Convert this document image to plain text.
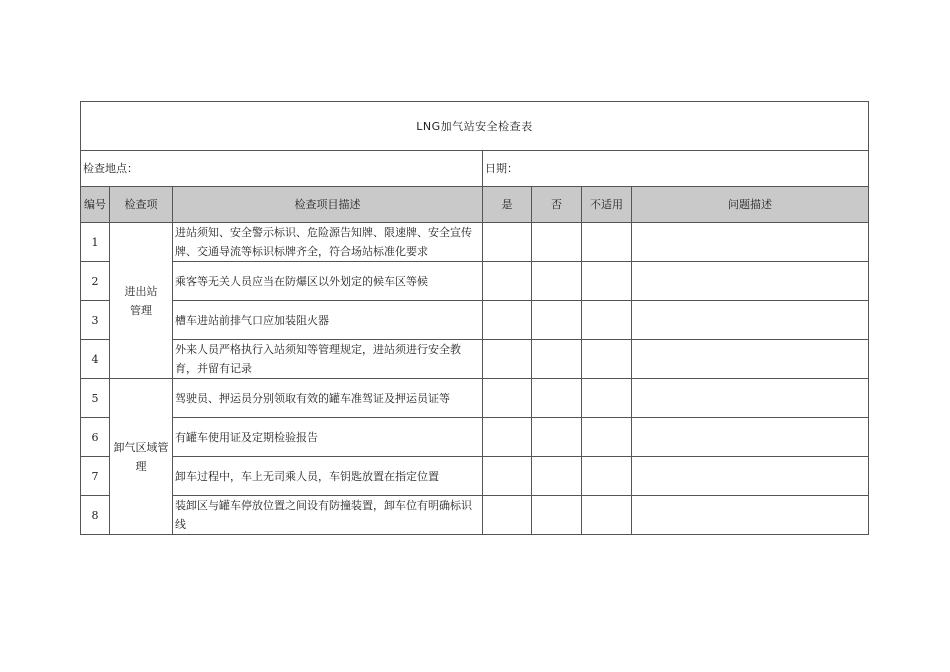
LNG加气站安全检查表						
检查地点：			日期：			
编号	检查项	检查项目描述	是	否	不适用	问题描述
1	进出站管理	进站须知、安全警示标识、危险源告知牌、限速牌、安全宣传牌、交通导流等标识标牌齐全，符合场站标准化要求				
2		乘客等无关人员应当在防爆区以外划定的候车区等候				
3		槽车进站前排气口应加装阻火器				
4		外来人员严格执行入站须知等管理规定，进站须进行安全教育，并留有记录				
5	卸气区域管理	驾驶员、押运员分别领取有效的罐车准驾证及押运员证等				
6		有罐车使用证及定期检验报告				
7		卸车过程中，车上无司乘人员，车钥匙放置在指定位置				
8		装卸区与罐车停放位置之间设有防撞装置，卸车位有明确标识线				
